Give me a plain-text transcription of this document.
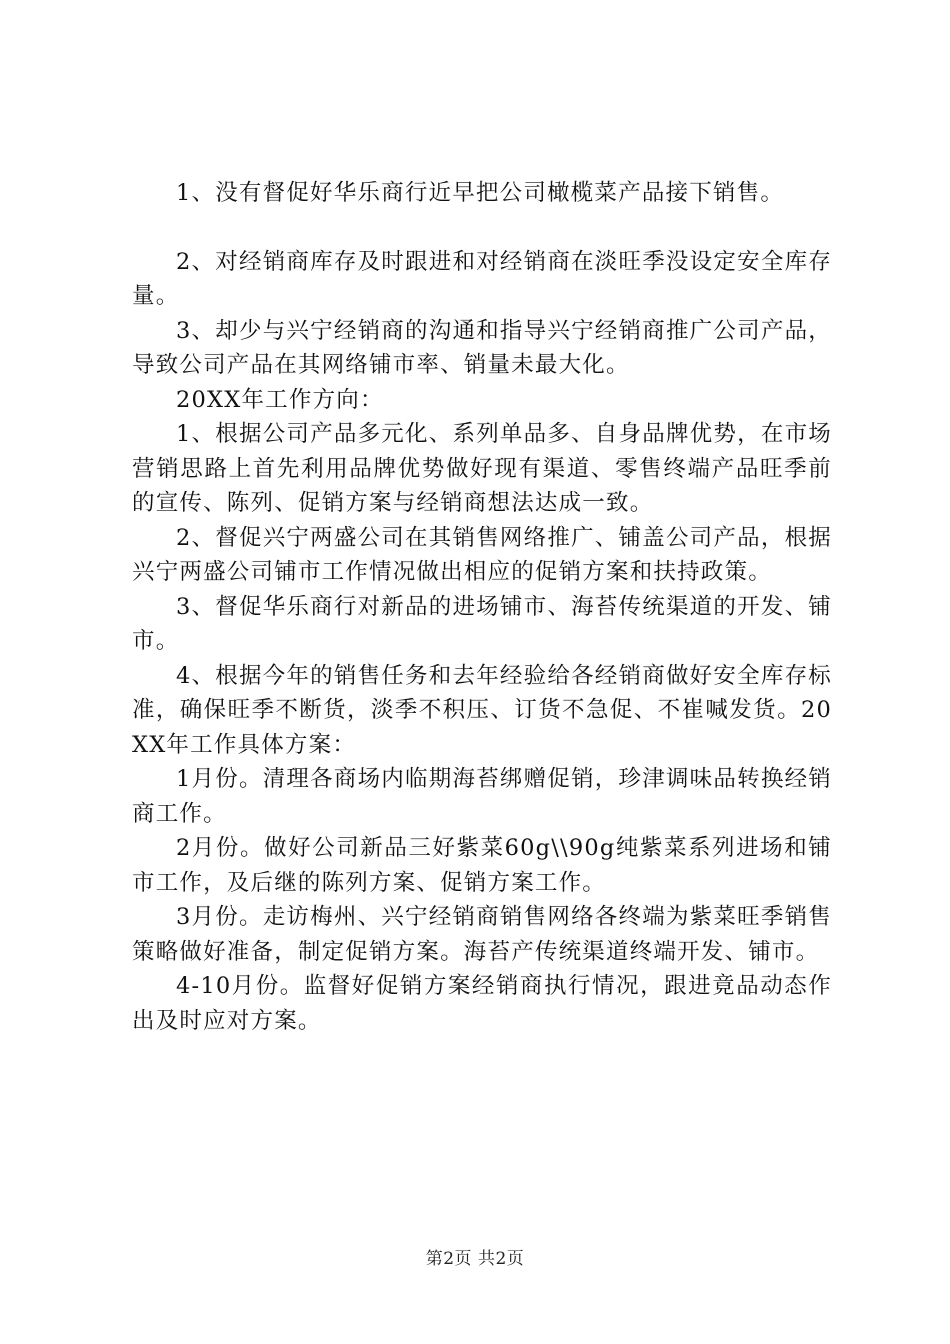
1、没有督促好华乐商行近早把公司橄榄菜产品接下销售。

2、对经销商库存及时跟进和对经销商在淡旺季没设定安全库存量。

3、却少与兴宁经销商的沟通和指导兴宁经销商推广公司产品，导致公司产品在其网络铺市率、销量未最大化。

20XX年工作方向：

1、根据公司产品多元化、系列单品多、自身品牌优势，在市场营销思路上首先利用品牌优势做好现有渠道、零售终端产品旺季前的宣传、陈列、促销方案与经销商想法达成一致。

2、督促兴宁两盛公司在其销售网络推广、铺盖公司产品，根据兴宁两盛公司铺市工作情况做出相应的促销方案和扶持政策。

3、督促华乐商行对新品的进场铺市、海苔传统渠道的开发、铺市。

4、根据今年的销售任务和去年经验给各经销商做好安全库存标准，确保旺季不断货，淡季不积压、订货不急促、不崔喊发货。20XX年工作具体方案：

1月份。清理各商场内临期海苔绑赠促销，珍津调味品转换经销商工作。

2月份。做好公司新品三好紫菜60g\\90g纯紫菜系列进场和铺市工作，及后继的陈列方案、促销方案工作。

3月份。走访梅州、兴宁经销商销售网络各终端为紫菜旺季销售策略做好准备，制定促销方案。海苔产传统渠道终端开发、铺市。

4-10月份。监督好促销方案经销商执行情况，跟进竟品动态作出及时应对方案。

第2页 共2页
